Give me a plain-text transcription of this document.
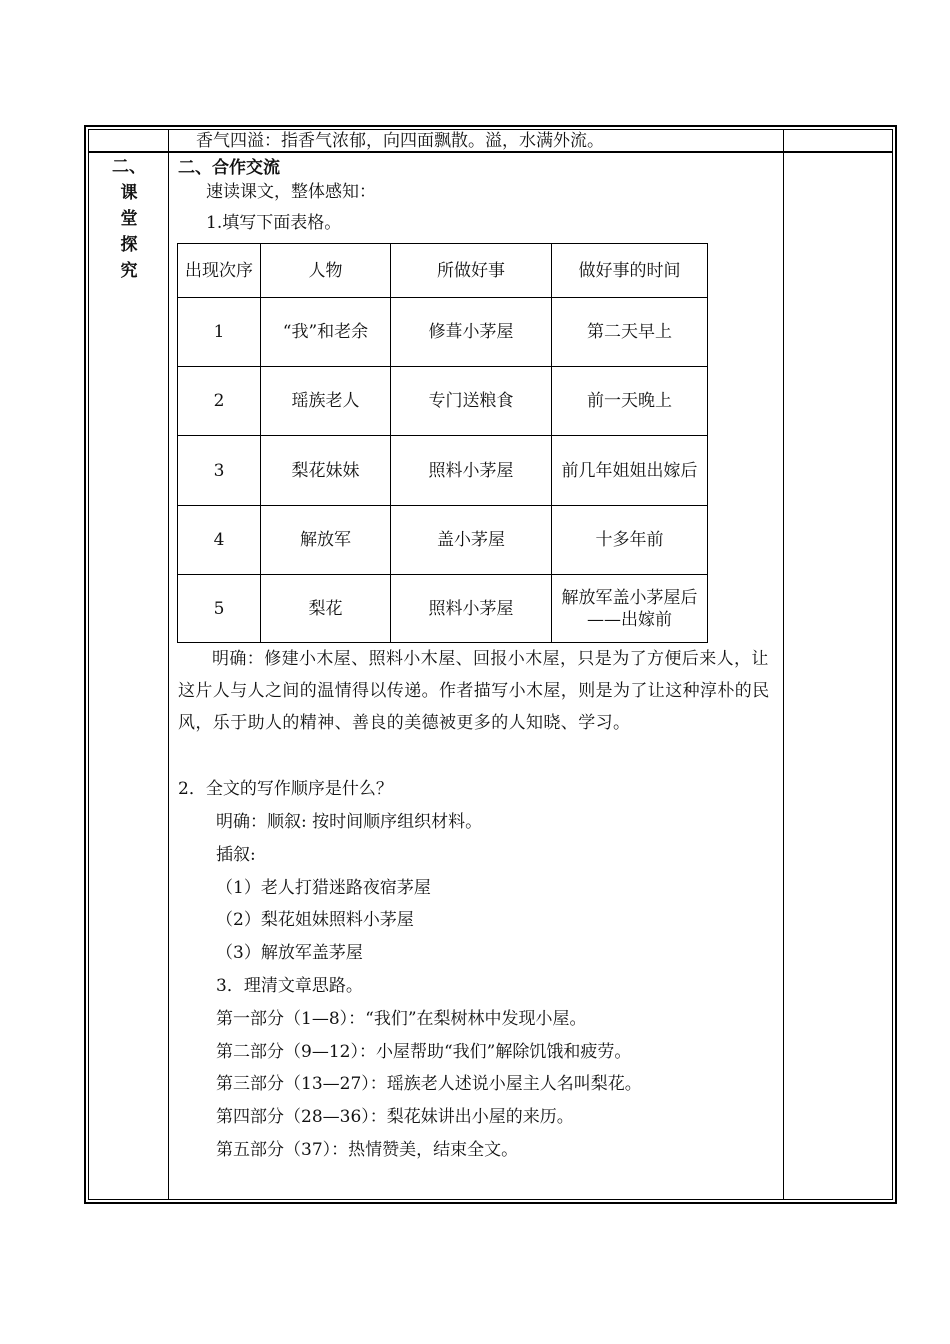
香气四溢：指香气浓郁，向四面飘散。溢，水满外流。
二、
课
堂
探
究
二、合作交流
速读课文，整体感知：
1.填写下面表格。
出现次序	人物	所做好事	做好事的时间
1	“我”和老余	修葺小茅屋	第二天早上
2	瑶族老人	专门送粮食	前一天晚上
3	梨花妹妹	照料小茅屋	前几年姐姐出嫁后
4	解放军	盖小茅屋	十多年前
5	梨花	照料小茅屋	解放军盖小茅屋后
——出嫁前
明确：修建小木屋、照料小木屋、回报小木屋，只是为了方便后来人，让这片人与人之间的温情得以传递。作者描写小木屋，则是为了让这种淳朴的民风，乐于助人的精神、善良的美德被更多的人知晓、学习。
2．全文的写作顺序是什么？
明确：顺叙: 按时间顺序组织材料。
插叙:
（1）老人打猎迷路夜宿茅屋
（2）梨花姐妹照料小茅屋
（3）解放军盖茅屋
3．理清文章思路。
第一部分（1—8）：“我们”在梨树林中发现小屋。
第二部分（9—12）：小屋帮助“我们”解除饥饿和疲劳。
第三部分（13—27）：瑶族老人述说小屋主人名叫梨花。
第四部分（28—36）：梨花妹讲出小屋的来历。
第五部分（37）：热情赞美，结束全文。
